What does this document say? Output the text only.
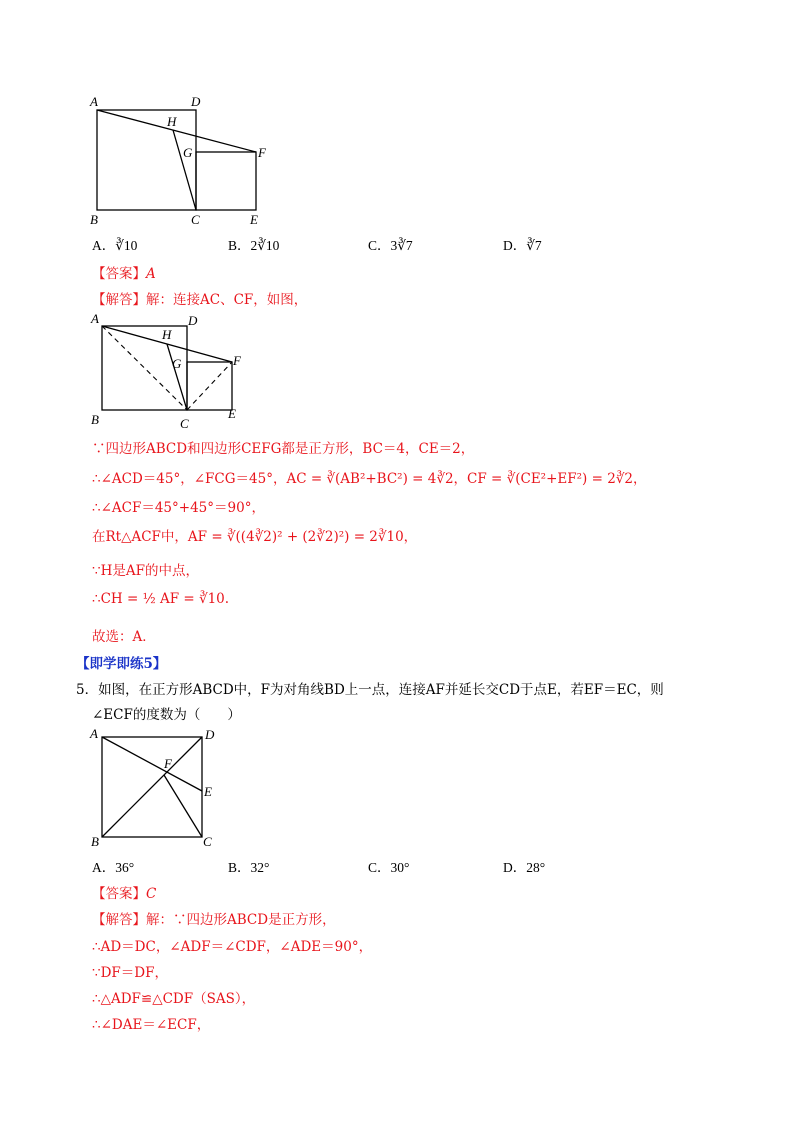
A	D
H
G	F
B	C	E
A．∛10	B．2∛10	C．3∛7	D．∛7
【答案】A
【解答】解：连接AC、CF，如图，
A	D
H
G	F
B	C
E
∵四边形ABCD和四边形CEFG都是正方形，BC＝4，CE＝2，
∴∠ACD＝45°，∠FCG＝45°，AC = ∛(AB²+BC²) = 4∛2，CF = ∛(CE²+EF²) = 2∛2，
∴∠ACF＝45°+45°＝90°，
在Rt△ACF中，AF = ∛((4∛2)² + (2∛2)²) = 2∛10，
∵H是AF的中点，
∴CH = ½ AF = ∛10.
故选：A．
【即学即练5】
5．如图，在正方形ABCD中，F为对角线BD上一点，连接AF并延长交CD于点E，若EF＝EC，则
∠ECF的度数为（　　）
A	D
F
E
B	C
A．36°	B．32°	C．30°	D．28°
【答案】C
【解答】解：∵四边形ABCD是正方形，
∴AD＝DC，∠ADF＝∠CDF，∠ADE＝90°，
∵DF＝DF，
∴△ADF≌△CDF（SAS），
∴∠DAE＝∠ECF，
